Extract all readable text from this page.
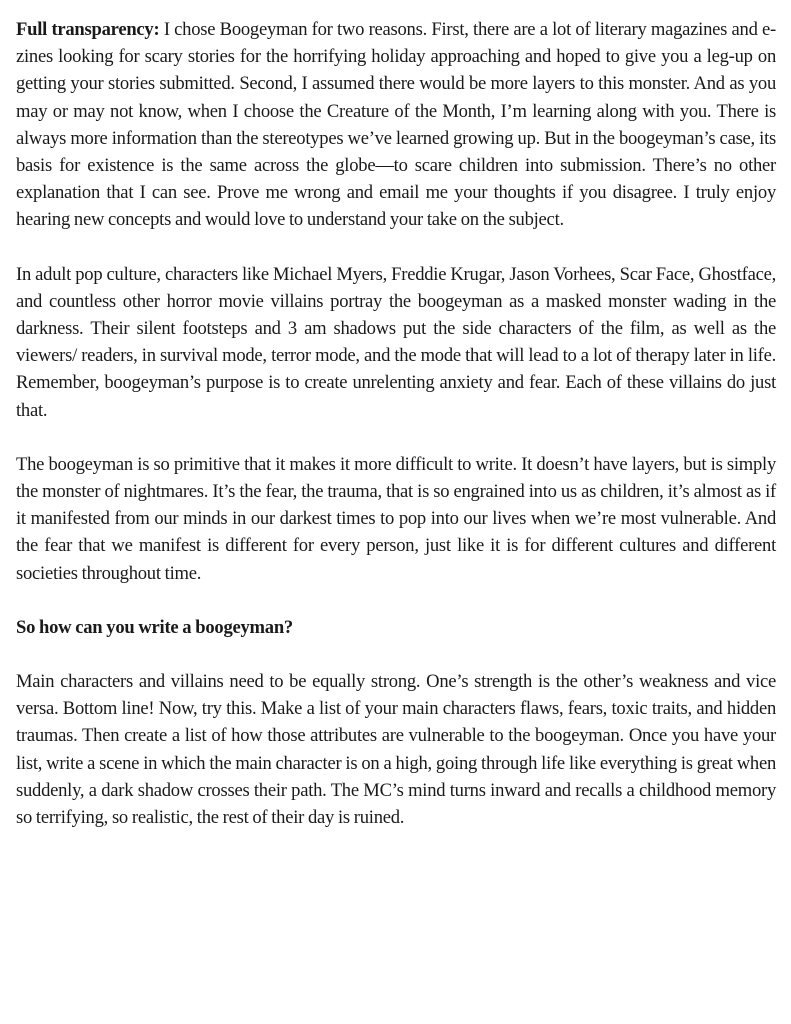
Full transparency: I chose Boogeyman for two reasons. First, there are a lot of literary magazines and e-zines looking for scary stories for the horrifying holiday approaching and hoped to give you a leg-up on getting your stories submitted. Second, I assumed there would be more layers to this monster. And as you may or may not know, when I choose the Creature of the Month, I’m learning along with you. There is always more information than the stereotypes we’ve learned growing up. But in the boogeyman’s case, its basis for existence is the same across the globe—to scare children into submission. There’s no other explanation that I can see. Prove me wrong and email me your thoughts if you disagree. I truly enjoy hearing new concepts and would love to understand your take on the subject.

In adult pop culture, characters like Michael Myers, Freddie Krugar, Jason Vorhees, Scar Face, Ghostface, and countless other horror movie villains portray the boogeyman as a masked monster wading in the darkness. Their silent footsteps and 3 am shadows put the side characters of the film, as well as the viewers/ readers, in survival mode, terror mode, and the mode that will lead to a lot of therapy later in life. Remember, boogeyman’s purpose is to create unrelenting anxiety and fear. Each of these villains do just that.

The boogeyman is so primitive that it makes it more difficult to write. It doesn’t have layers, but is simply the monster of nightmares. It’s the fear, the trauma, that is so engrained into us as children, it’s almost as if it manifested from our minds in our darkest times to pop into our lives when we’re most vulnerable. And the fear that we manifest is different for every person, just like it is for different cultures and different societies throughout time.

So how can you write a boogeyman?

Main characters and villains need to be equally strong. One’s strength is the other’s weakness and vice versa. Bottom line! Now, try this. Make a list of your main characters flaws, fears, toxic traits, and hidden traumas. Then create a list of how those attributes are vulnerable to the boogeyman. Once you have your list, write a scene in which the main character is on a high, going through life like everything is great when suddenly, a dark shadow crosses their path. The MC’s mind turns inward and recalls a childhood memory so terrifying, so realistic, the rest of their day is ruined.
